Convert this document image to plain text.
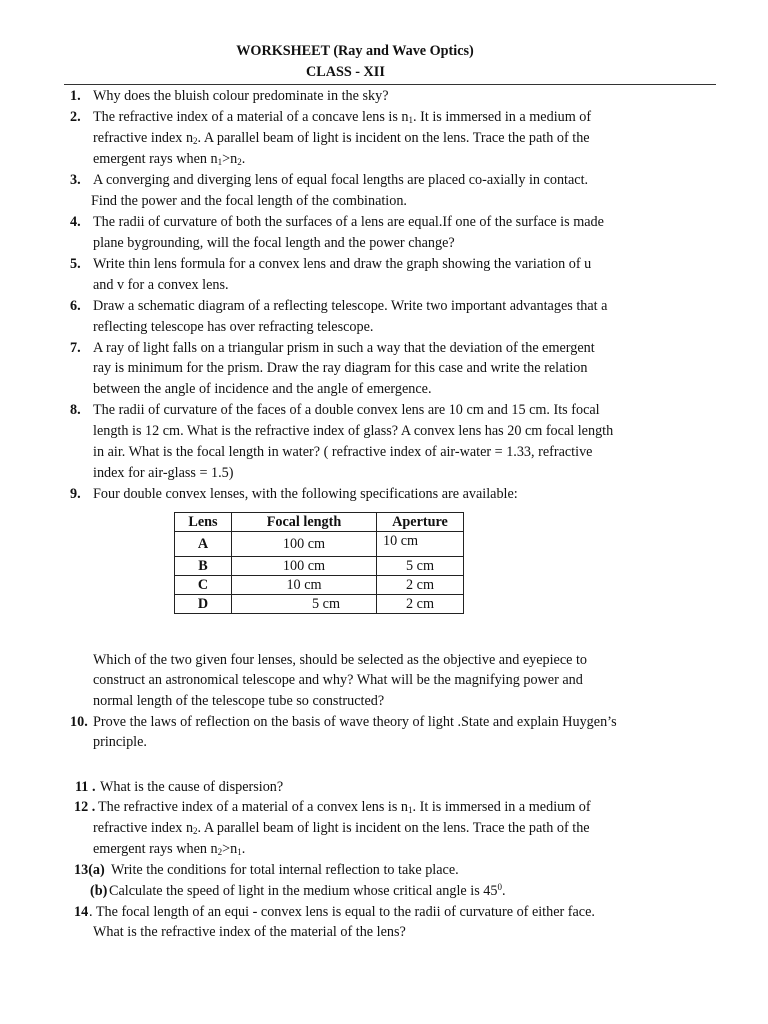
WORKSHEET (Ray and Wave Optics)
CLASS - XII
1. Why does the bluish colour predominate in the sky?
2. The refractive index of a material of a concave lens is $n_1$. It is immersed in a medium of
refractive index $n_2$. A parallel beam of light is incident on the lens. Trace the path of the
emergent rays when $n_1>n_2$.
3. A converging and diverging lens of equal focal lengths are placed co-axially in contact.
Find the power and the focal length of the combination.
4. The radii of curvature of both the surfaces of a lens are equal.If one of the surface is made
plane bygrounding, will the focal length and the power change?
5. Write thin lens formula for a convex lens and draw the graph showing the variation of u
and v for a convex lens.
6. Draw a schematic diagram of a reflecting telescope. Write two important advantages that a
reflecting telescope has over refracting telescope.
7. A ray of light falls on a triangular prism in such a way that the deviation of the emergent
ray is minimum for the prism. Draw the ray diagram for this case and write the relation
between the angle of incidence and the angle of emergence.
8. The radii of curvature of the faces of a double convex lens are 10 cm and 15 cm. Its focal
length is 12 cm. What is the refractive index of glass? A convex lens has 20 cm focal length
in air. What is the focal length in water? ( refractive index of air-water = 1.33, refractive
index for air-glass = 1.5)
9. Four double convex lenses, with the following specifications are available:
Lens	Focal length	Aperture
A	100 cm	10 cm
B	100 cm	5 cm
C	10 cm	2 cm
D	5 cm	2 cm
Which of the two given four lenses, should be selected as the objective and eyepiece to
construct an astronomical telescope and why? What will be the magnifying power and
normal length of the telescope tube so constructed?
10. Prove the laws of reflection on the basis of wave theory of light .State and explain Huygen’s
principle.
11 . What is the cause of dispersion?
12 . The refractive index of a material of a convex lens is $n_1$. It is immersed in a medium of
refractive index $n_2$. A parallel beam of light is incident on the lens. Trace the path of the
emergent rays when $n_2>n_1$.
13(a) Write the conditions for total internal reflection to take place.
(b) Calculate the speed of light in the medium whose critical angle is $45^0$.
14 . The focal length of an equi - convex lens is equal to the radii of curvature of either face.
What is the refractive index of the material of the lens?
